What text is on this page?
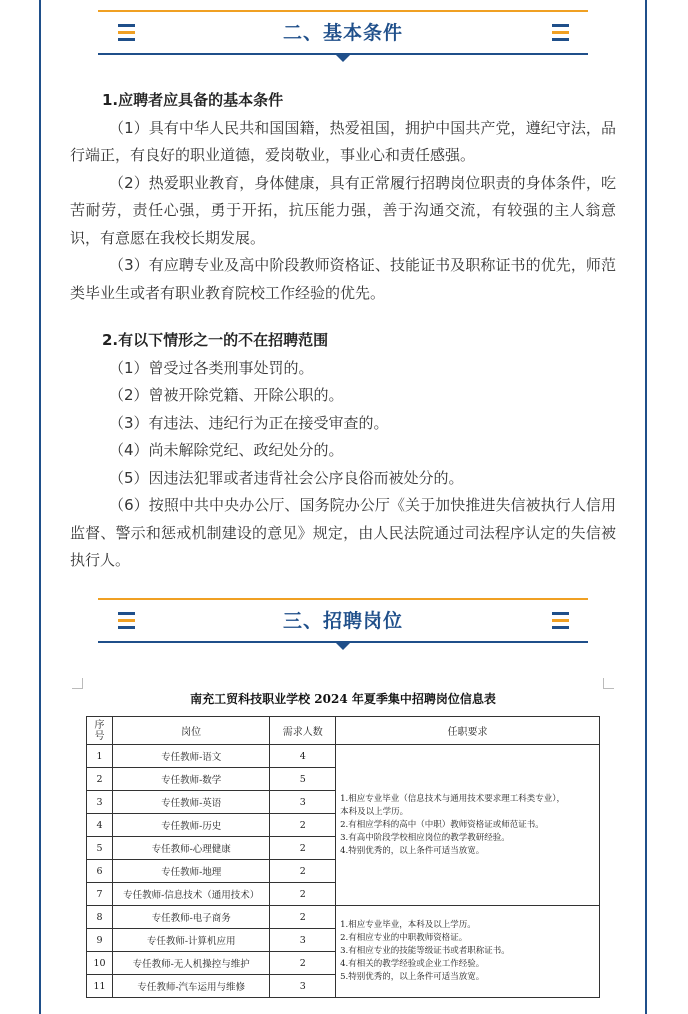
二、基本条件

1.应聘者应具备的基本条件

（1）具有中华人民共和国国籍，热爱祖国，拥护中国共产党，遵纪守法，品行端正，有良好的职业道德，爱岗敬业，事业心和责任感强。

（2）热爱职业教育，身体健康，具有正常履行招聘岗位职责的身体条件，吃苦耐劳，责任心强，勇于开拓，抗压能力强，善于沟通交流，有较强的主人翁意识，有意愿在我校长期发展。

（3）有应聘专业及高中阶段教师资格证、技能证书及职称证书的优先，师范类毕业生或者有职业教育院校工作经验的优先。

2.有以下情形之一的不在招聘范围

（1）曾受过各类刑事处罚的。

（2）曾被开除党籍、开除公职的。

（3）有违法、违纪行为正在接受审查的。

（4）尚未解除党纪、政纪处分的。

（5）因违法犯罪或者违背社会公序良俗而被处分的。

（6）按照中共中央办公厅、国务院办公厅《关于加快推进失信被执行人信用监督、警示和惩戒机制建设的意见》规定，由人民法院通过司法程序认定的失信被执行人。

三、招聘岗位
南充工贸科技职业学校 2024 年夏季集中招聘岗位信息表
序号	岗位	需求人数	任职要求
1	专任教师-语文	4	1.相应专业毕业（信息技术与通用技术要求理工科类专业），
本科及以上学历。
2.有相应学科的高中（中职）教师资格证或师范证书。
3.有高中阶段学校相应岗位的教学教研经验。
4.特别优秀的，以上条件可适当放宽。

2	专任教师-数学	5	
3	专任教师-英语	3	
4	专任教师-历史	2	
5	专任教师-心理健康	2	
6	专任教师-地理	2	
7	专任教师-信息技术（通用技术）	2	
8	专任教师-电子商务	2	1.相应专业毕业，本科及以上学历。
2.有相应专业的中职教师资格证。
3.有相应专业的技能等级证书或者职称证书。
4.有相关的教学经验或企业工作经验。
5.特别优秀的，以上条件可适当放宽。

9	专任教师-计算机应用	3	
10	专任教师-无人机操控与维护	2	
11	专任教师-汽车运用与维修	3	
